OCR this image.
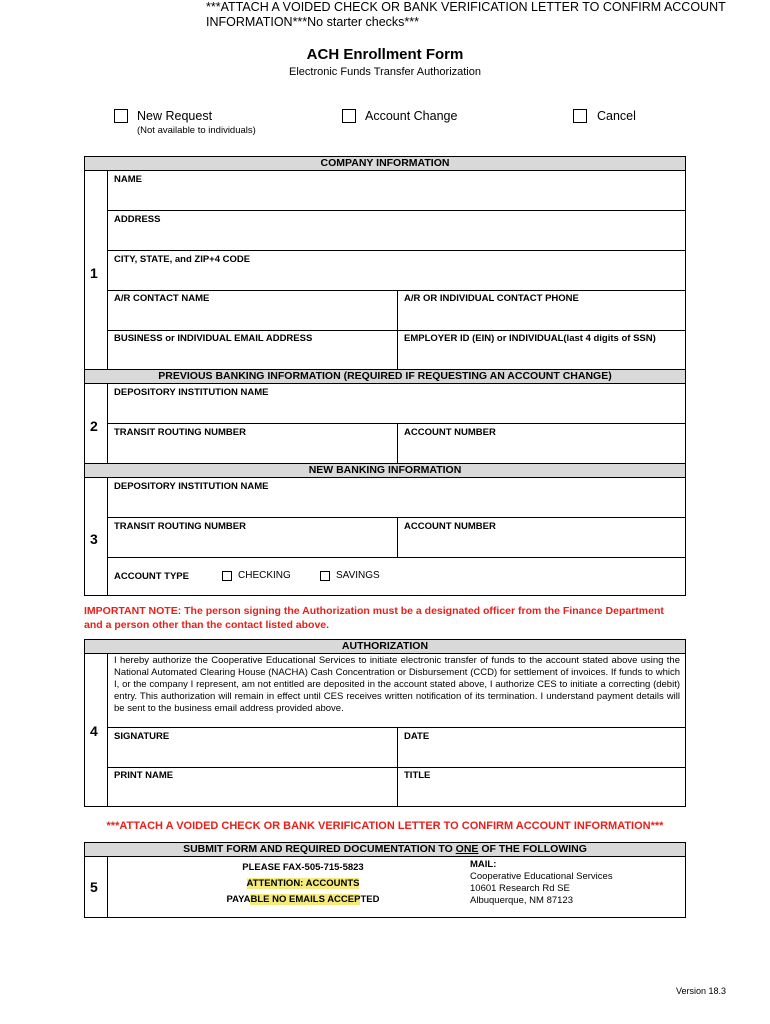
***ATTACH A VOIDED CHECK OR BANK VERIFICATION LETTER TO CONFIRM ACCOUNT INFORMATION***No starter checks***
ACH Enrollment Form
Electronic Funds Transfer Authorization
New Request
(Not available to individuals)
Account Change	Cancel
COMPANY INFORMATION
1
NAME
ADDRESS
CITY, STATE, and ZIP+4 CODE
A/R CONTACT NAME	A/R OR INDIVIDUAL CONTACT PHONE
BUSINESS or INDIVIDUAL EMAIL ADDRESS	EMPLOYER ID (EIN) or INDIVIDUAL(last 4 digits of SSN)
PREVIOUS BANKING INFORMATION (REQUIRED IF REQUESTING AN ACCOUNT CHANGE)
2
DEPOSITORY INSTITUTION NAME
TRANSIT ROUTING NUMBER	ACCOUNT NUMBER
NEW BANKING INFORMATION
3
DEPOSITORY INSTITUTION NAME
TRANSIT ROUTING NUMBER	ACCOUNT NUMBER
ACCOUNT TYPE	CHECKING	SAVINGS
IMPORTANT NOTE: The person signing the Authorization must be a designated officer from the Finance Department and a person other than the contact listed above.
AUTHORIZATION
4
I hereby authorize the Cooperative Educational Services to initiate electronic transfer of funds to the account stated above using the National Automated Clearing House (NACHA) Cash Concentration or Disbursement (CCD) for settlement of invoices. If funds to which I, or the company I represent, am not entitled are deposited in the account stated above, I authorize CES to initiate a correcting (debit) entry. This authorization will remain in effect until CES receives written notification of its termination. I understand payment details will be sent to the business email address provided above.
SIGNATURE	DATE
PRINT NAME	TITLE
***ATTACH A VOIDED CHECK OR BANK VERIFICATION LETTER TO CONFIRM ACCOUNT INFORMATION***
SUBMIT FORM AND REQUIRED DOCUMENTATION TO ONE OF THE FOLLOWING
5
PLEASE FAX-505-715-5823
ATTENTION: ACCOUNTS
PAYABLE NO EMAILS ACCEPTED
MAIL:
Cooperative Educational Services
10601 Research Rd SE
Albuquerque, NM 87123
Version 18.3
